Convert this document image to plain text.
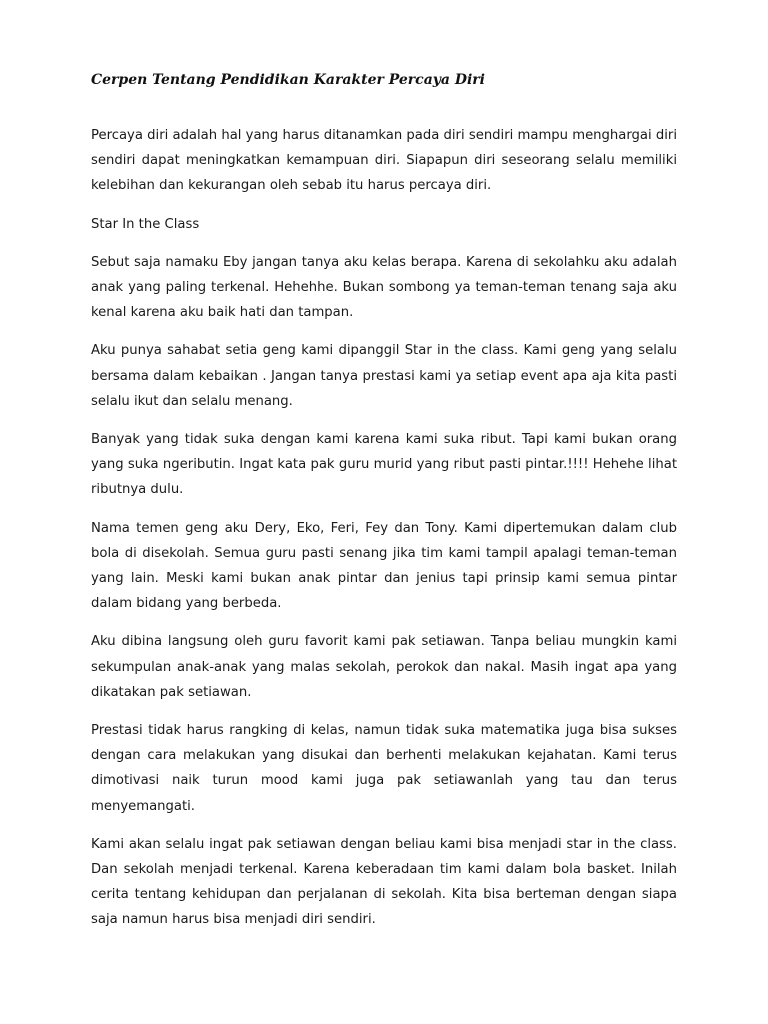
Cerpen Tentang Pendidikan Karakter Percaya Diri

Percaya diri adalah hal yang harus ditanamkan pada diri sendiri mampu menghargai diri sendiri dapat meningkatkan kemampuan diri. Siapapun diri seseorang selalu memiliki kelebihan dan kekurangan oleh sebab itu harus percaya diri.

Star In the Class

Sebut saja namaku Eby jangan tanya aku kelas berapa. Karena di sekolahku aku adalah anak yang paling terkenal. Hehehhe. Bukan sombong ya teman-teman tenang saja aku kenal karena aku baik hati dan tampan.

Aku punya sahabat setia geng kami dipanggil Star in the class. Kami geng yang selalu bersama dalam kebaikan . Jangan tanya prestasi kami ya setiap event apa aja kita pasti selalu ikut dan selalu menang.

Banyak yang tidak suka dengan kami karena kami suka ribut. Tapi kami bukan orang yang suka ngeributin. Ingat kata pak guru murid yang ribut pasti pintar.!!!! Hehehe lihat ributnya dulu.

Nama temen geng aku Dery, Eko, Feri, Fey dan Tony. Kami dipertemukan dalam club bola di disekolah. Semua guru pasti senang jika tim kami tampil apalagi teman-teman yang lain. Meski kami bukan anak pintar dan jenius tapi prinsip kami semua pintar dalam bidang yang berbeda.

Aku dibina langsung oleh guru favorit kami pak setiawan. Tanpa beliau mungkin kami sekumpulan anak-anak yang malas sekolah, perokok dan nakal. Masih ingat apa yang dikatakan pak setiawan.

Prestasi tidak harus rangking di kelas, namun tidak suka matematika juga bisa sukses dengan cara melakukan yang disukai dan berhenti melakukan kejahatan. Kami terus dimotivasi naik turun mood kami juga pak setiawanlah yang tau dan terus menyemangati.

Kami akan selalu ingat pak setiawan dengan beliau kami bisa menjadi star in the class. Dan sekolah menjadi terkenal. Karena keberadaan tim kami dalam bola basket. Inilah cerita tentang kehidupan dan perjalanan di sekolah. Kita bisa berteman dengan siapa saja namun harus bisa menjadi diri sendiri.
